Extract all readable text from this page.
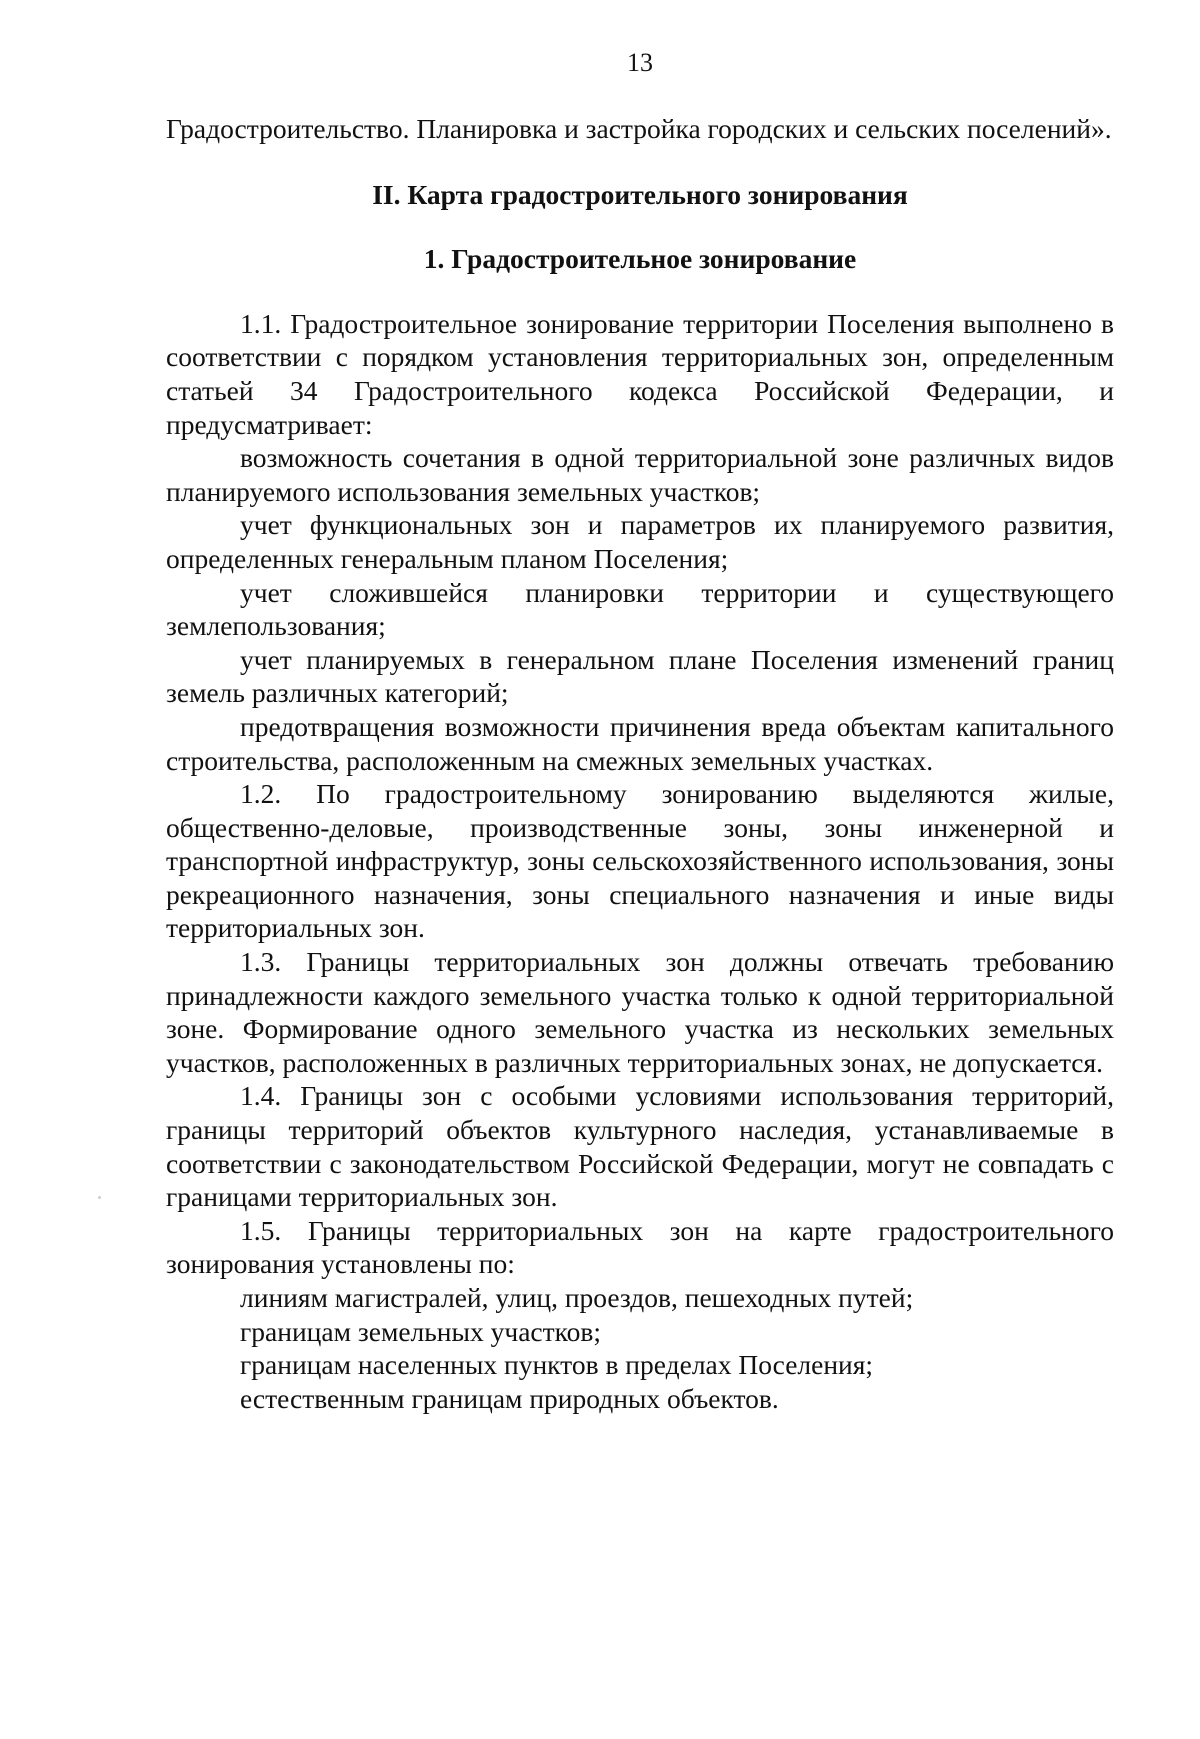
13

Градостроительство. Планировка и застройка городских и сельских поселений».

II. Карта градостроительного зонирования
1. Градостроительное зонирование

1.1. Градостроительное зонирование территории Поселения выполнено в соответствии с порядком установления территориальных зон, определенным статьей 34 Градостроительного кодекса Российской Федерации, и предусматривает:

возможность сочетания в одной территориальной зоне различных видов планируемого использования земельных участков;

учет функциональных зон и параметров их планируемого развития, определенных генеральным планом Поселения;

учет сложившейся планировки территории и существующего землепользования;

учет планируемых в генеральном плане Поселения изменений границ земель различных категорий;

предотвращения возможности причинения вреда объектам капитального строительства, расположенным на смежных земельных участках.

1.2. По градостроительному зонированию выделяются жилые, общественно-деловые, производственные зоны, зоны инженерной и транспортной инфраструктур, зоны сельскохозяйственного использования, зоны рекреационного назначения, зоны специального назначения и иные виды территориальных зон.

1.3. Границы территориальных зон должны отвечать требованию принадлежности каждого земельного участка только к одной территориальной зоне. Формирование одного земельного участка из нескольких земельных участков, расположенных в различных территориальных зонах, не допускается.

1.4. Границы зон с особыми условиями использования территорий, границы территорий объектов культурного наследия, устанавливаемые в соответствии с законодательством Российской Федерации, могут не совпадать с границами территориальных зон.

1.5. Границы территориальных зон на карте градостроительного зонирования установлены по:

линиям магистралей, улиц, проездов, пешеходных путей;

границам земельных участков;

границам населенных пунктов в пределах Поселения;

естественным границам природных объектов.
